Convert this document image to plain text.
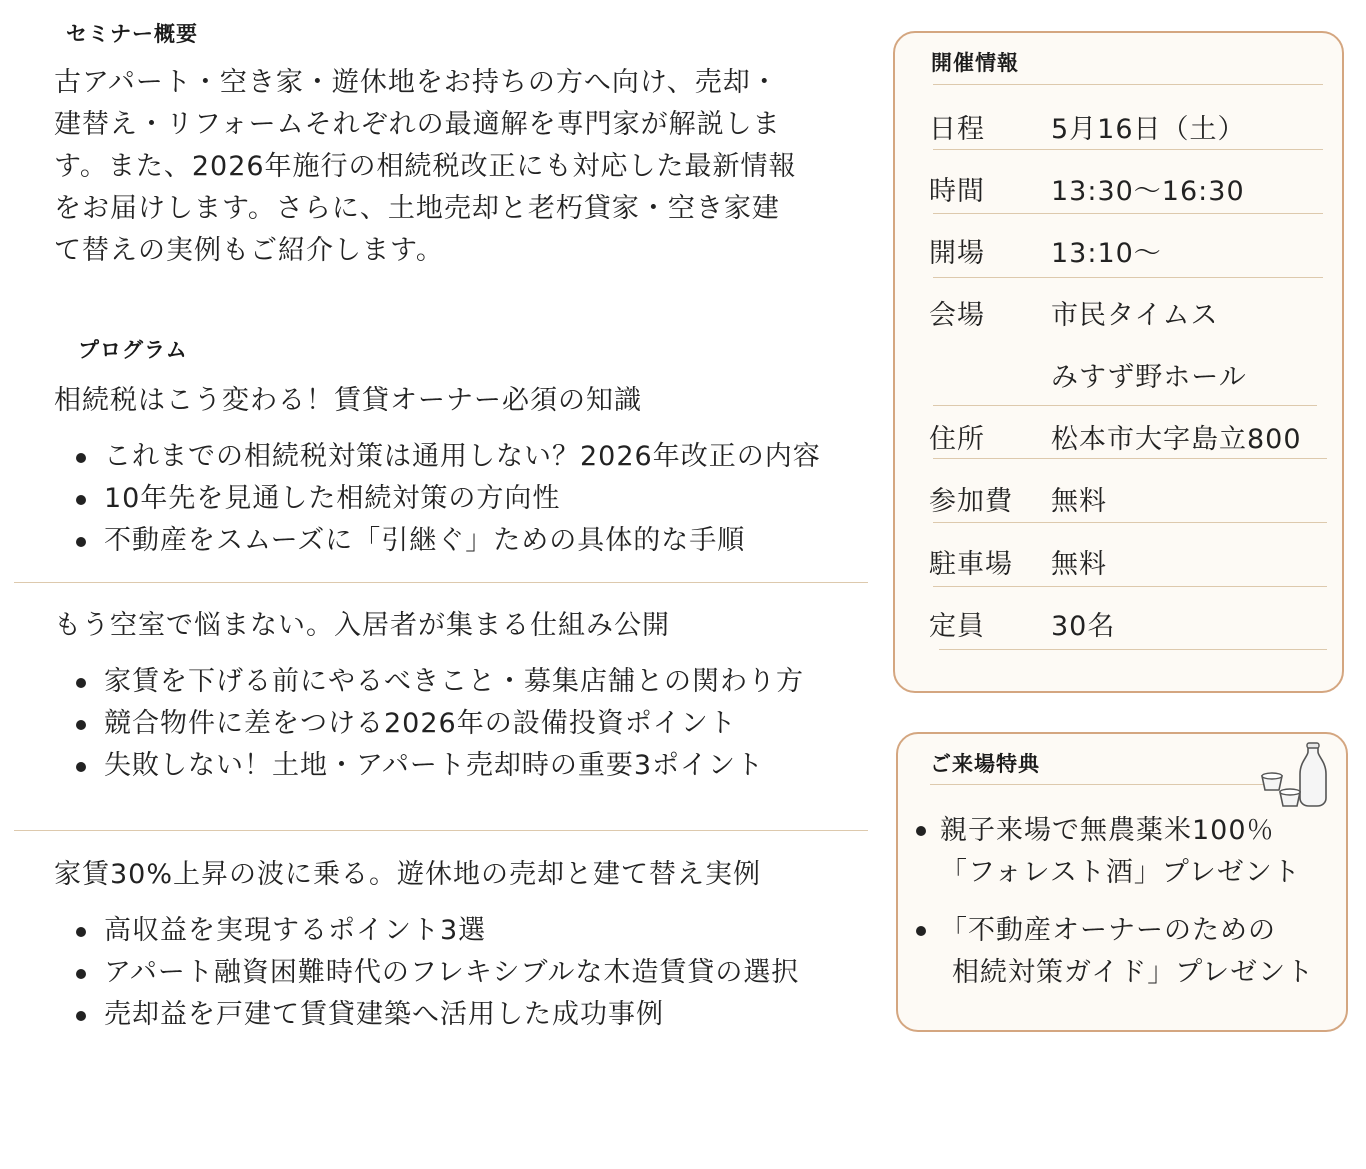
セミナー概要

古アパート・空き家・遊休地をお持ちの方へ向け、売却・

建替え・リフォームそれぞれの最適解を専門家が解説しま

す。また、2026年施行の相続税改正にも対応した最新情報

をお届けします。さらに、土地売却と老朽貸家・空き家建

て替えの実例もご紹介します。

プログラム
相続税はこう変わる！賃貸オーナー必須の知識
これまでの相続税対策は通用しない？2026年改正の内容
10年先を見通した相続対策の方向性
不動産をスムーズに「引継ぐ」ための具体的な手順
もう空室で悩まない。入居者が集まる仕組み公開
家賃を下げる前にやるべきこと・募集店舗との関わり方
競合物件に差をつける2026年の設備投資ポイント
失敗しない！土地・アパート売却時の重要3ポイント
家賃30%上昇の波に乗る。遊休地の売却と建て替え実例
高収益を実現するポイント3選
アパート融資困難時代のフレキシブルな木造賃貸の選択
売却益を戸建て賃貸建築へ活用した成功事例
開催情報
日程 5月16日（土）
時間 13:30～16:30
開場 13:10～
会場 市民タイムス
みすず野ホール
住所 松本市大字島立800
参加費 無料
駐車場 無料
定員 30名
ご来場特典
親子来場で無農薬米100％
「フォレスト酒」プレゼント
「不動産オーナーのための
相続対策ガイド」プレゼント
